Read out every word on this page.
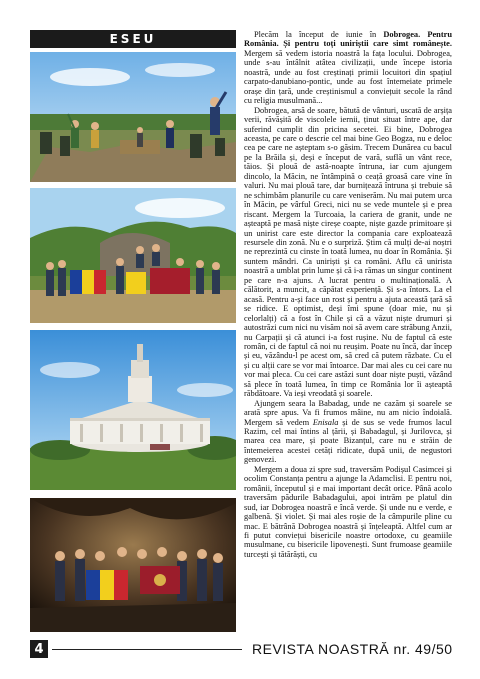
ESEU	Plecăm la început de iunie în Dobrogea. Pentru România. Și pentru toți uniriștii care simt românește. Mergem să vedem istoria noastră la fața locului. Dobrogea, unde s-au întâlnit atâtea civilizații, unde începe istoria noastră, unde au fost creștinați primii locuitori din spațiul carpato-danubiano-pontic, unde au fost întemeiate primele orașe din țară, unde creștinismul a conviețuit secole la rând cu religia musulmană...

Dobrogea, arsă de soare, bătută de vânturi, uscată de arșița verii, răvășită de viscolele iernii, ținut situat între ape, dar suferind cumplit din pricina secetei. Ei bine, Dobrogea aceasta, pe care o descrie cel mai bine Geo Bogza, nu e deloc cea pe care ne așteptam s-o găsim. Trecem Dunărea cu bacul pe la Brăila și, deși e început de vară, suflă un vânt rece, tăios. Și plouă de astă-noapte întruna, iar cum ajungem dincolo, la Măcin, ne întâmpină o ceață groasă care vine în valuri. Nu mai plouă tare, dar burnițează întruna și trebuie să ne schimbăm planurile cu care veniserăm. Nu mai putem urca în Măcin, pe vârful Greci, nici nu se vede muntele și e prea riscant. Mergem la Turcoaia, la cariera de granit, unde ne așteaptă pe masă niște cireșe coapte, niște gazde primitoare și un unirist care este director la compania care exploatează resursele din zonă. Nu e o surpriză. Știm că mulți de-ai noștri ne reprezintă cu cinste în toată lumea, nu doar în România. Și suntem mândri. Ca uniriști și ca români. Aflu că unirista noastră a umblat prin lume și că i-a rămas un singur continent pe care n-a ajuns. A lucrat pentru o multinațională. A călătorit, a muncit, a căpătat experiență. Și s-a întors. La el acasă. Pentru a-și face un rost și pentru a ajuta această țară să se ridice. E optimist, deși îmi spune (doar mie, nu și celorlalți) că a fost în Chile și că a văzut niște drumuri și autostrăzi cum nici nu visăm noi să avem care străbung Anzii, nu Carpații și că atunci i-a fost rușine. Nu de faptul că este român, ci de faptul că noi nu reușim. Poate nu încă, dar încep și eu, văzându-l pe acest om, să cred că putem răzbate. Cu el și cu alții care se vor mai întoarce. Dar mai ales cu cei care nu vor mai pleca. Cu cei care astăzi sunt doar niște puști, văzând să plece în toată lumea, în timp ce România lor îi așteaptă răbdătoare. Va ieși vreodată și soarele.

Ajungem seara la Babadag, unde ne cazăm și soarele se arată spre apus. Va fi frumos mâine, nu am nicio îndoială. Mergem să vedem Enisala și de sus se vede frumos lacul Razim, cel mai întins al țării, și Babadagul, și Jurilovca, și marea cea mare, și poate Bizanțul, care nu e străin de întemeierea acestei cetăți ridicate, după unii, de negustori genovezi.

Mergem a doua zi spre sud, traversăm Podișul Casimcei și ocolim Constanța pentru a ajunge la Adamclisi. E pentru noi, românii, începutul și e mai important decât orice. Până acolo traversăm pădurile Babadagului, apoi intrăm pe platul din sud, iar Dobrogea noastră e încă verde. Și unde nu e verde, e galbenă. Și violet. Și mai ales roșie de la câmpurile pline cu mac. E bătrână Dobrogea noastră și înțeleaptă. Altfel cum ar fi putut conviețui bisericile noastre ortodoxe, cu geamiile musulmane, cu bisericile lipovenești. Sunt frumoase geamiile turcești și tătărăști, cu

4	REVISTA NOASTRĂ nr. 49/50
